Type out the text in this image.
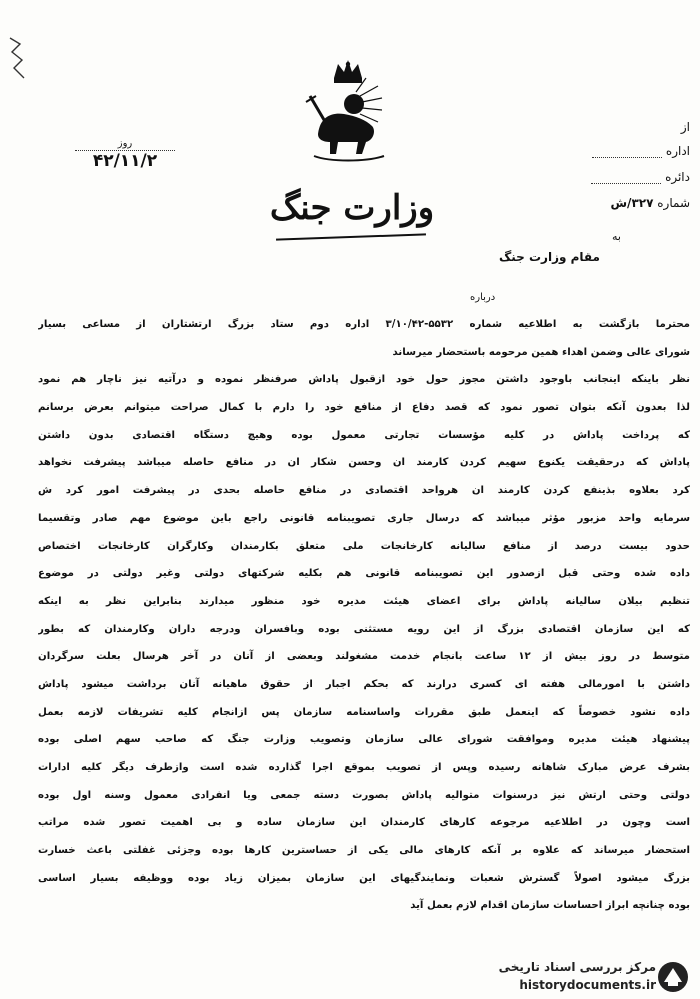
وزارت جنگ
از
اداره
دائره
شماره ۳۲۷/ش
روز
۴۲/۱۱/۲
به
مقام وزارت جنگ
درباره
محترما بازگشت به اطلاعیه شماره ۵۵۳۲-۳/۱۰/۴۲ اداره دوم ستاد بزرگ ارتشتاران از مساعی بسیار
شورای عالی وضمن اهداء همین مرحومه باستحضار میرساند
نظر باینکه اینجانب باوجود داشتن مجوز حول خود ازقبول پاداش صرفنظر نموده و درآتیه نیز ناچار هم نمود
لذا بعدون آنکه بتوان تصور نمود که قصد دفاع از منافع خود را دارم با کمال صراحت میتوانم بعرض برسانم
که پرداخت پاداش در کلیه مؤسسات تجارتی معمول بوده وهیچ دستگاه اقتصادی بدون داشتن
پاداش که درحقیقت یکنوع سهیم کردن کارمند ان وحسن شکار ان در منافع حاصله میباشد پیشرفت نخواهد
کرد بعلاوه بذینفع کردن کارمند ان هرواحد اقتصادی در منافع حاصله بحدی در پیشرفت امور کرد ش
سرمایه واحد مزبور مؤثر میباشد که درسال جاری تصویبنامه قانونی راجع باین موضوع مهم صادر وتقسیما
حدود بیست درصد از منافع سالیانه کارخانجات ملی متعلق بکارمندان وکارگران کارخانجات اختصاص
داده شده وحتی قبل ازصدور این تصویبنامه قانونی هم بکلیه شرکتهای دولتی وغیر دولتی در موضوع
تنظیم بیلان سالیانه پاداش برای اعضای هیئت مدیره خود منظور میدارند بنابراین نظر به اینکه
که این سازمان اقتصادی بزرگ از این رویه مستثنی بوده وبافسران ودرجه داران وکارمندان که بطور
متوسط در روز بیش از ۱۲ ساعت بانجام خدمت مشغولند وبعضی از آنان در آخر هرسال بعلت سرگردان
داشتن با امورمالی هفته ای کسری درارند که بحکم اجبار از حقوق ماهیانه آنان برداشت میشود پاداش
داده نشود خصوصاً که اینعمل طبق مقررات واساسنامه سازمان پس ازانجام کلیه تشریفات لازمه بعمل
پیشنهاد هیئت مدیره وموافقت شورای عالی سازمان وتصویب وزارت جنگ که صاحب سهم اصلی بوده
بشرف عرض مبارک شاهانه رسیده وپس از تصویب بموقع اجرا گذارده شده است وازطرف دیگر کلیه ادارات
دولتی وحتی ارتش نیز درسنوات متوالیه پاداش بصورت دسته جمعی ویا انفرادی معمول وسنه اول بوده
است وچون در اطلاعیه مرجوعه کارهای کارمندان این سازمان ساده و بی اهمیت تصور شده مراتب
استحضار میرساند که علاوه بر آنکه کارهای مالی یکی از حساسترین کارها بوده وجزئی غفلتی باعث خسارت
بزرگ میشود اصولاً گسترش شعبات ونمایندگیهای این سازمان بمیزان زیاد بوده ووظیفه بسیار اساسی
بوده چنانچه ابراز احساسات سازمان اقدام لازم بعمل آید
مرکز بررسی اسناد تاریخی
historydocuments.ir
